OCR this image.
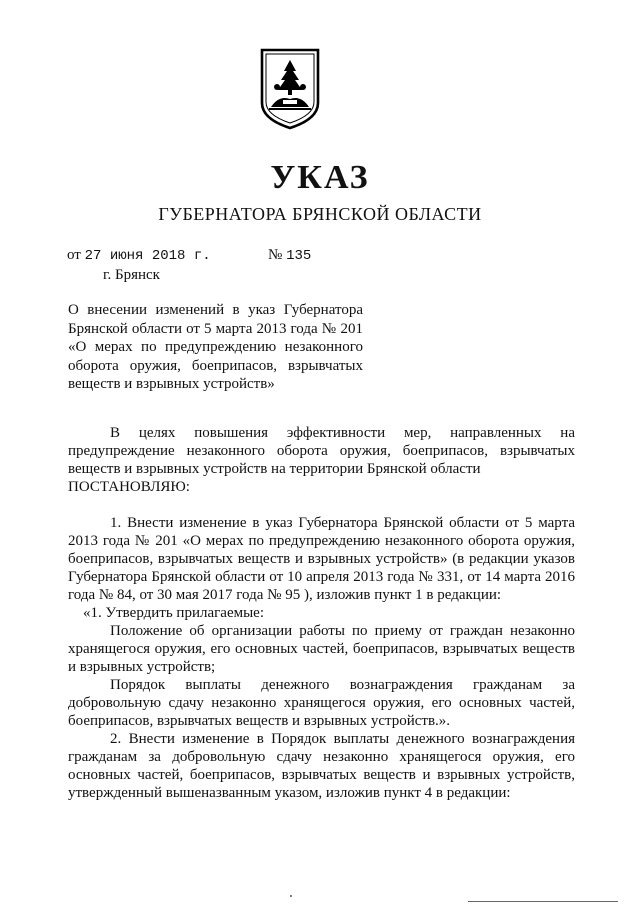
УКАЗ
ГУБЕРНАТОРА БРЯНСКОЙ ОБЛАСТИ
от 27 июня 2018 г.	№ 135
г. Брянск
О внесении изменений в указ Губернатора Брянской области от 5 марта 2013 года № 201 «О мерах по предупреждению незаконного оборота оружия, боеприпасов, взрывчатых веществ и взрывных устройств»

В целях повышения эффективности мер, направленных на предупреждение незаконного оборота оружия, боеприпасов, взрывчатых веществ и взрывных устройств на территории Брянской области

ПОСТАНОВЛЯЮ:

1. Внести изменение в указ Губернатора Брянской области от 5 марта 2013 года № 201 «О мерах по предупреждению незаконного оборота оружия, боеприпасов, взрывчатых веществ и взрывных устройств» (в редакции указов Губернатора Брянской области от 10 апреля 2013 года № 331, от 14 марта 2016 года № 84, от 30 мая 2017 года № 95 ), изложив пункт 1 в редакции:

«1. Утвердить прилагаемые:

Положение об организации работы по приему от граждан незаконно хранящегося оружия, его основных частей, боеприпасов, взрывчатых веществ и взрывных устройств;

Порядок выплаты денежного вознаграждения гражданам за добровольную сдачу незаконно хранящегося оружия, его основных частей, боеприпасов, взрывчатых веществ и взрывных устройств.».

2. Внести изменение в Порядок выплаты денежного вознаграждения гражданам за добровольную сдачу незаконно хранящегося оружия, его основных частей, боеприпасов, взрывчатых веществ и взрывных устройств, утвержденный вышеназванным указом, изложив пункт 4 в редакции:
